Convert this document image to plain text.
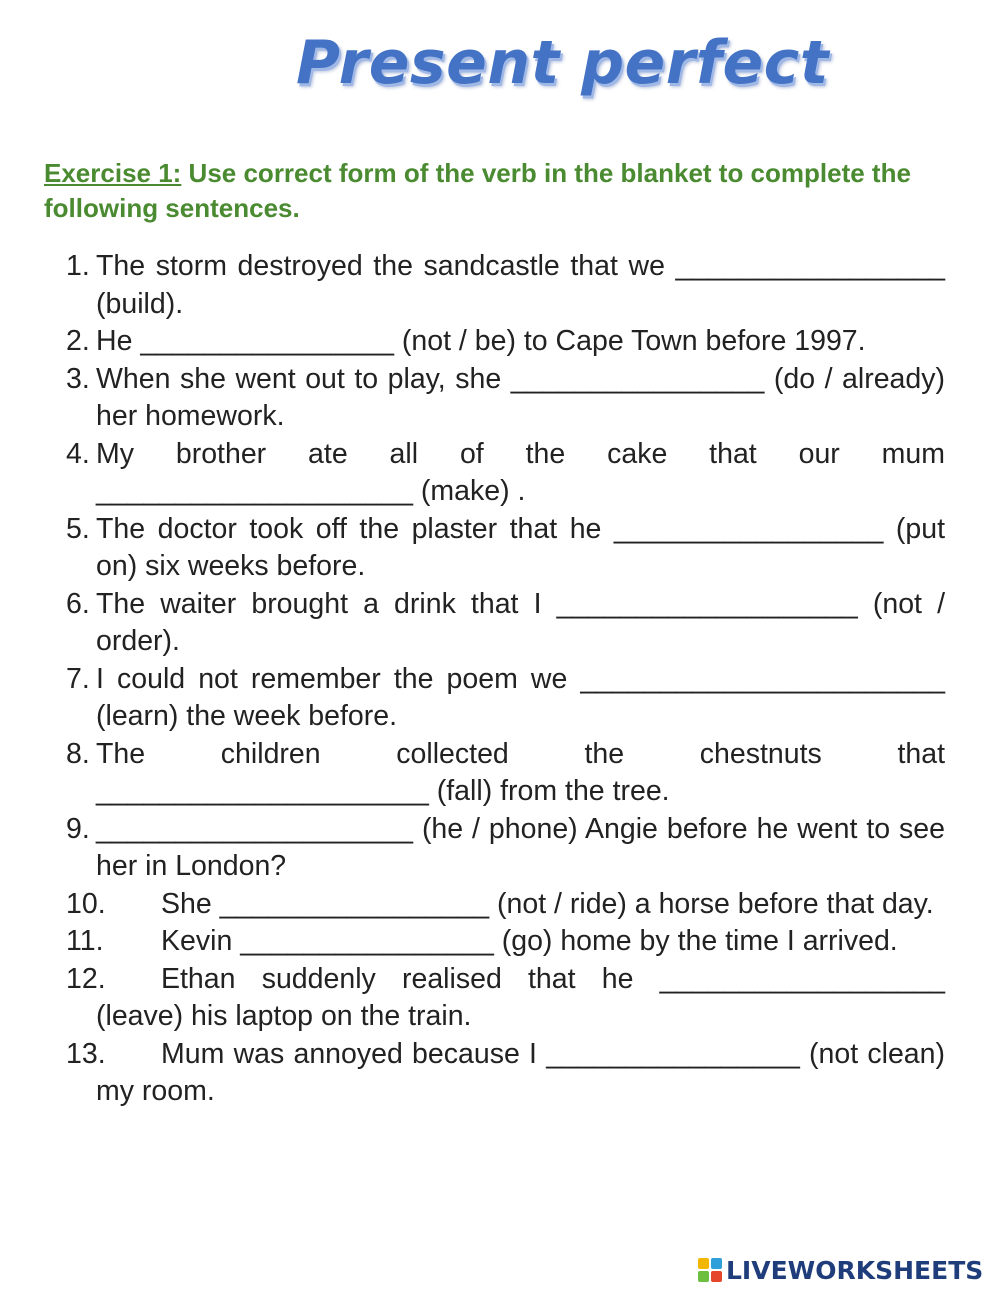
Present perfect

Exercise 1: Use correct form of the verb in the blanket to complete the following sentences.

1. The storm destroyed the sandcastle that we _________________ (build).
2. He ________________ (not / be) to Cape Town before 1997.
3. When she went out to play, she ________________ (do / already) her homework.
4. My brother ate all of the cake that our mum ____________________ (make) .
5. The doctor took off the plaster that he _________________ (put on) six weeks before.
6. The waiter brought a drink that I ___________________ (not / order).
7. I could not remember the poem we _______________________ (learn) the week before.
8. The children collected the chestnuts that _____________________ (fall) from the tree.
9. ____________________ (he / phone) Angie before he went to see her in London?
10.	She _________________ (not / ride) a horse before that day.
11.	Kevin ________________ (go) home by the time I arrived.
12.	Ethan suddenly realised that he __________________ (leave) his laptop on the train.
13.	Mum was annoyed because I ________________ (not clean) my room.
LIVEWORKSHEETS
